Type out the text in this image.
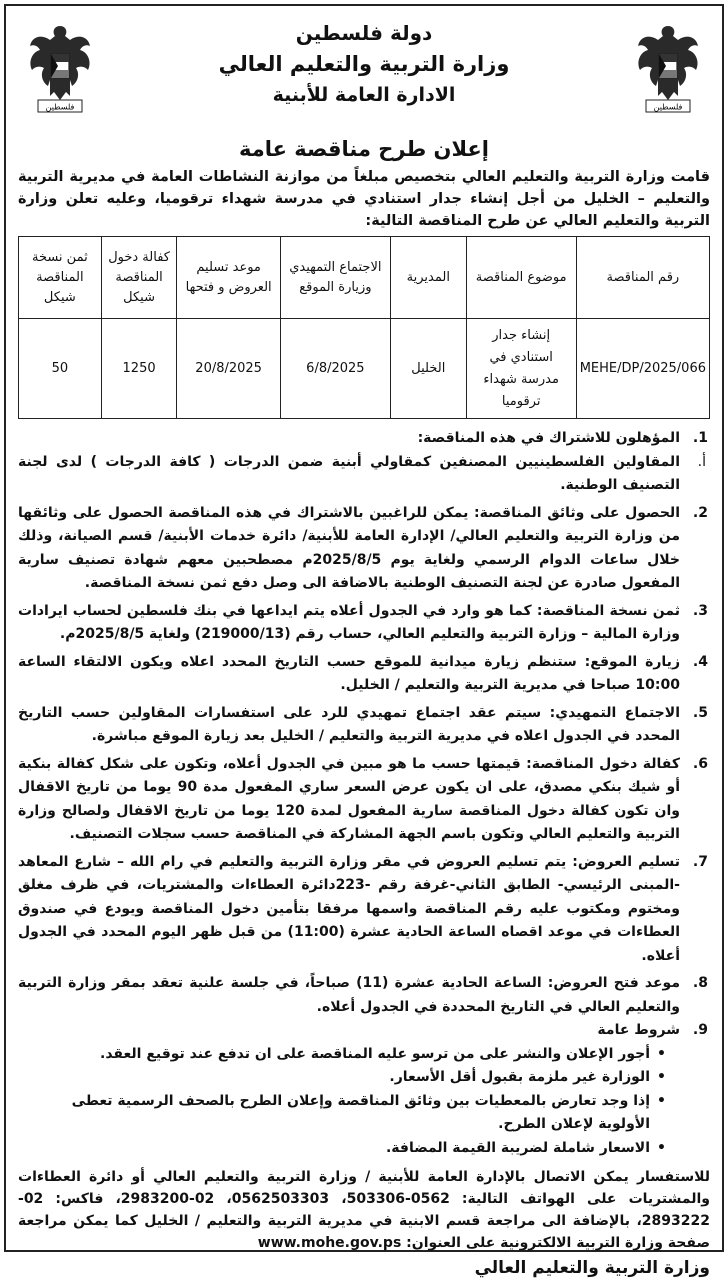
فلسطين
فلسطين
دولة فلسطين
وزارة التربية والتعليم العالي
الادارة العامة للأبنية
إعلان طرح مناقصة عامة

قامت وزارة التربية والتعليم العالي بتخصيص مبلغاً من موازنة النشاطات العامة في مديرية التربية والتعليم – الخليل من أجل إنشاء جدار استنادي في مدرسة شهداء ترقوميا، وعليه تعلن وزارة التربية والتعليم العالي عن طرح المناقصة التالية:

رقم المناقصة	موضوع المناقصة	المديرية	الاجتماع التمهيدي وزيارة الموقع	موعد تسليم العروض و فتحها	كفالة دخول المناقصة شيكل	ثمن نسخة المناقصة شيكل
MEHE/DP/2025/066	إنشاء جدار استنادي في مدرسة شهداء ترقوميا	الخليل	6/8/2025	20/8/2025	1250	50
1.
المؤهلون للاشتراك في هذه المناقصة:
أ.
المقاولين الفلسطينيين المصنفين كمقاولي أبنية ضمن الدرجات ( كافة الدرجات ) لدى لجنة التصنيف الوطنية.
2.
الحصول على وثائق المناقصة: يمكن للراغبين بالاشتراك في هذه المناقصة الحصول على وثائقها من وزارة التربية والتعليم العالي/ الإدارة العامة للأبنية/ دائرة خدمات الأبنية/ قسم الصيانة، وذلك خلال ساعات الدوام الرسمي ولغاية يوم 2025/8/5م مصطحبين معهم شهادة تصنيف سارية المفعول صادرة عن لجنة التصنيف الوطنية بالاضافة الى وصل دفع ثمن نسخة المناقصة.
3.
ثمن نسخة المناقصة: كما هو وارد في الجدول أعلاه يتم ايداعها في بنك فلسطين لحساب ايرادات وزارة المالية – وزارة التربية والتعليم العالي، حساب رقم (219000/13) ولغاية 2025/8/5م.
4.
زيارة الموقع: ستنظم زيارة ميدانية للموقع حسب التاريخ المحدد اعلاه ويكون الالتقاء الساعة 10:00 صباحا في مديرية التربية والتعليم / الخليل.
5.
الاجتماع التمهيدي: سيتم عقد اجتماع تمهيدي للرد على استفسارات المقاولين حسب التاريخ المحدد في الجدول اعلاه في مديرية التربية والتعليم / الخليل بعد زيارة الموقع مباشرة.
6.
كفالة دخول المناقصة: قيمتها حسب ما هو مبين في الجدول أعلاه، وتكون على شكل كفالة بنكية أو شيك بنكي مصدق، على ان يكون عرض السعر ساري المفعول مدة 90 يوما من تاريخ الاقفال وان تكون كفالة دخول المناقصة سارية المفعول لمدة 120 يوما من تاريخ الاقفال ولصالح وزارة التربية والتعليم العالي وتكون باسم الجهة المشاركة في المناقصة حسب سجلات التصنيف.
7.
تسليم العروض: يتم تسليم العروض في مقر وزارة التربية والتعليم في رام الله – شارع المعاهد -المبنى الرئيسي- الطابق الثاني-غرفة رقم -223دائرة العطاءات والمشتريات، في ظرف مغلق ومختوم ومكتوب عليه رقم المناقصة واسمها مرفقا بتأمين دخول المناقصة ويودع في صندوق العطاءات في موعد اقصاه الساعة الحادية عشرة (11:00) من قبل ظهر اليوم المحدد في الجدول أعلاه.
8.
موعد فتح العروض: الساعة الحادية عشرة (11) صباحاً، في جلسة علنية تعقد بمقر وزارة التربية والتعليم العالي في التاريخ المحددة في الجدول أعلاه.
9.
شروط عامة
• أجور الإعلان والنشر على من ترسو عليه المناقصة على ان تدفع عند توقيع العقد.
• الوزارة غير ملزمة بقبول أقل الأسعار.
• إذا وجد تعارض بالمعطيات بين وثائق المناقصة وإعلان الطرح بالصحف الرسمية تعطى الأولوية لإعلان الطرح.
• الاسعار شاملة لضريبة القيمة المضافة.

للاستفسار يمكن الاتصال بالإدارة العامة للأبنية / وزارة التربية والتعليم العالي أو دائرة العطاءات والمشتريات على الهواتف التالية: 0562-503306، 0562503303، 02-2983200، فاكس: 02-2893222، بالإضافة الى مراجعة قسم الابنية في مديرية التربية والتعليم / الخليل كما يمكن مراجعة صفحة وزارة التربية الالكترونية على العنوان: www.mohe.gov.ps

وزارة التربية والتعليم العالي
